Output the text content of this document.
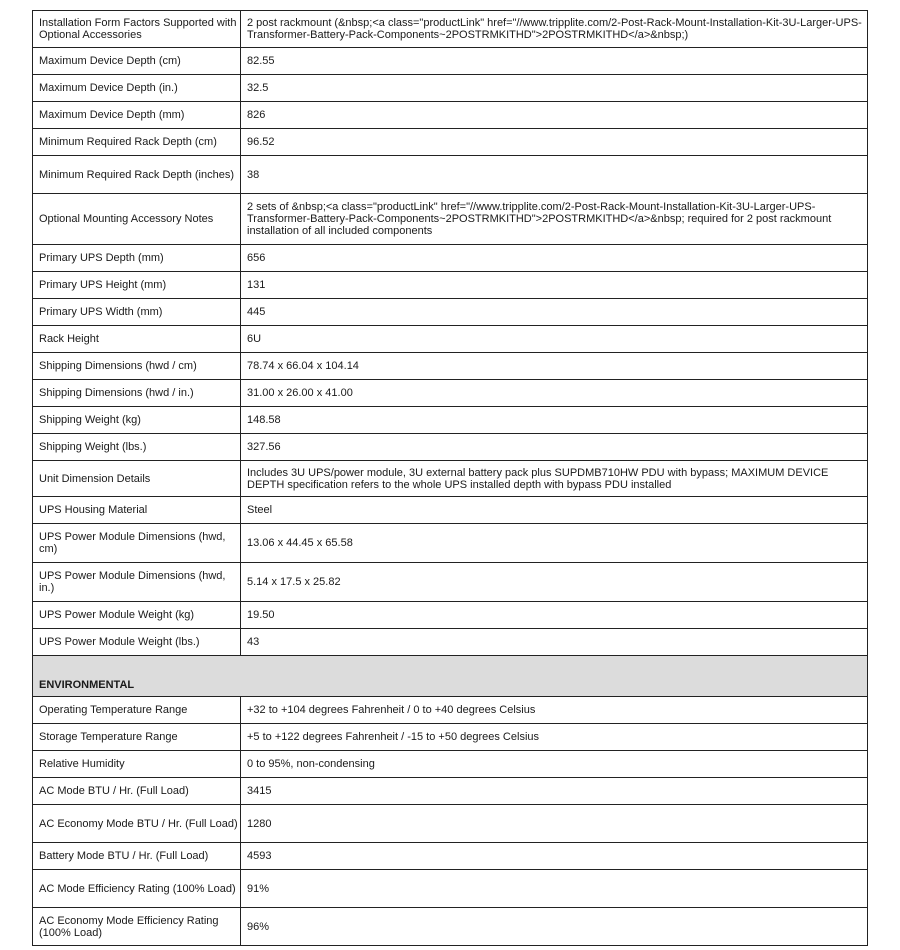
Installation Form Factors Supported with Optional Accessories	2 post rackmount (&nbsp;<a class="productLink" href="//www.tripplite.com/2-Post-Rack-Mount-Installation-Kit-3U-Larger-UPS-Transformer-Battery-Pack-Components~2POSTRMKITHD">2POSTRMKITHD</a>&nbsp;)
Maximum Device Depth (cm)	82.55
Maximum Device Depth (in.)	32.5
Maximum Device Depth (mm)	826
Minimum Required Rack Depth (cm)	96.52
Minimum Required Rack Depth (inches)	38
Optional Mounting Accessory Notes	2 sets of &nbsp;<a class="productLink" href="//www.tripplite.com/2-Post-Rack-Mount-Installation-Kit-3U-Larger-UPS-Transformer-Battery-Pack-Components~2POSTRMKITHD">2POSTRMKITHD</a>&nbsp; required for 2 post rackmount installation of all included components
Primary UPS Depth (mm)	656
Primary UPS Height (mm)	131
Primary UPS Width (mm)	445
Rack Height	6U
Shipping Dimensions (hwd / cm)	78.74 x 66.04 x 104.14
Shipping Dimensions (hwd / in.)	31.00 x 26.00 x 41.00
Shipping Weight (kg)	148.58
Shipping Weight (lbs.)	327.56
Unit Dimension Details	Includes 3U UPS/power module, 3U external battery pack plus SUPDMB710HW PDU with bypass; MAXIMUM DEVICE DEPTH specification refers to the whole UPS installed depth with bypass PDU installed
UPS Housing Material	Steel
UPS Power Module Dimensions (hwd, cm)	13.06 x 44.45 x 65.58
UPS Power Module Dimensions (hwd, in.)	5.14 x 17.5 x 25.82
UPS Power Module Weight (kg)	19.50
UPS Power Module Weight (lbs.)	43
ENVIRONMENTAL	
Operating Temperature Range	+32 to +104 degrees Fahrenheit / 0 to +40 degrees Celsius
Storage Temperature Range	+5 to +122 degrees Fahrenheit / -15 to +50 degrees Celsius
Relative Humidity	0 to 95%, non-condensing
AC Mode BTU / Hr. (Full Load)	3415
AC Economy Mode BTU / Hr. (Full Load)	1280
Battery Mode BTU / Hr. (Full Load)	4593
AC Mode Efficiency Rating (100% Load)	91%
AC Economy Mode Efficiency Rating (100% Load)	96%
